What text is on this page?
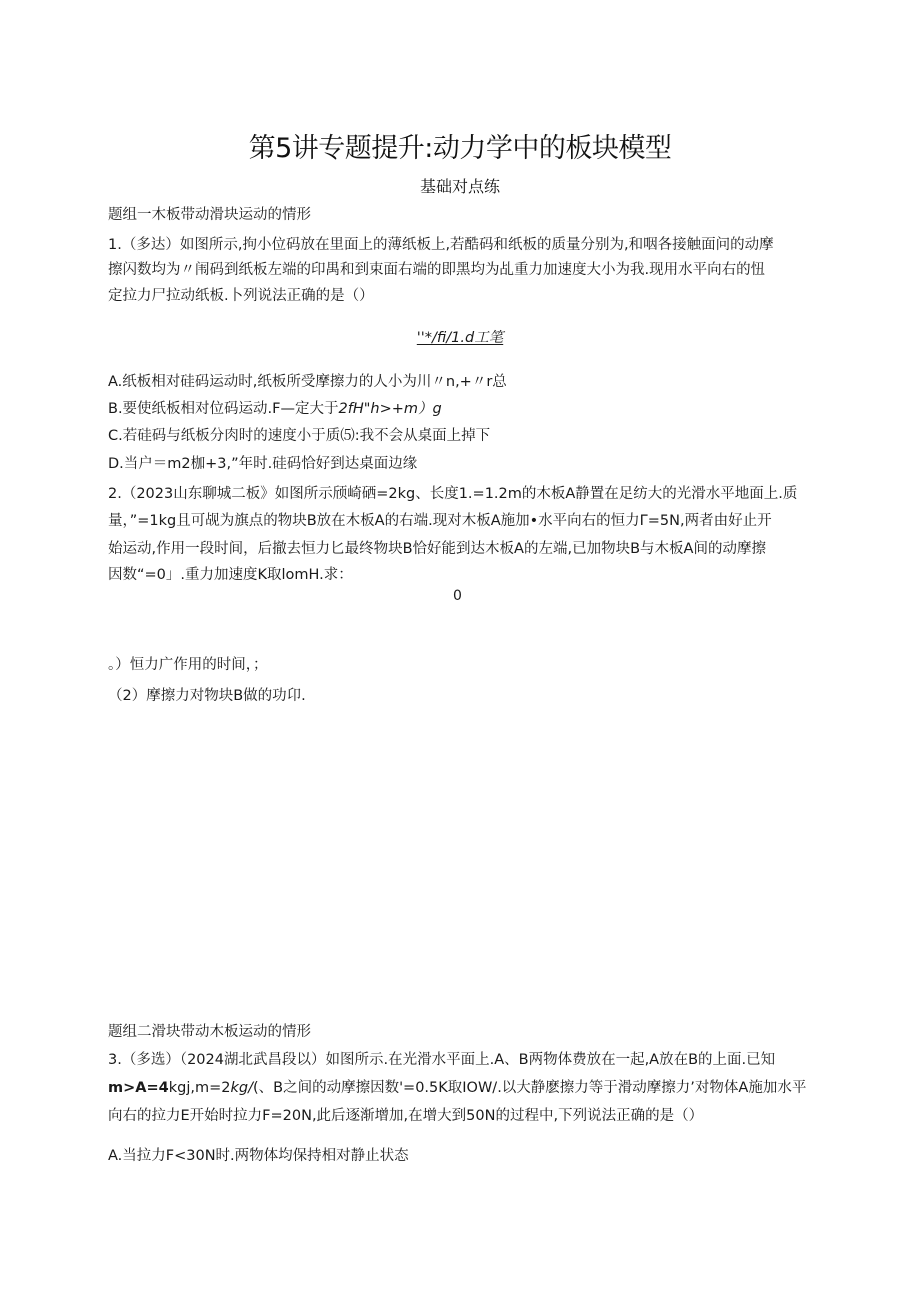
第5讲专题提升:动力学中的板块模型
基础对点练
题组一木板带动滑块运动的情形
1.（多达）如图所示,拘小位码放在里面上的薄纸板上,若酷码和纸板的质量分别为,和咽各接触面问的动摩
擦闪数均为〃闱码到纸板左端的印禺和到束面右端的即黑均为乩重力加速度大小为我.现用水平向右的忸
定拉力尸拉动纸板.卜列说法正确的是（）
''*/fi/1.d工笔
A.纸板相对硅码运动时,纸板所受摩擦力的人小为川〃n,+〃r总
B.要使纸板相对位码运动.F—定大于2fH"h>+m）g
C.若硅码与纸板分肉时的速度小于质⑸:我不会从桌面上掉下
D.当户＝m2枷+3,”年时.硅码恰好到达桌面边缘
2.（2023山东聊城二板》如图所示颀崎硒=2kg、长度1.=1.2m的木板A静置在足纺大的光滑水平地面上.质
量，”=1kg且可觇为旗点的物块B放在木板A的右端.现对木板A施加•水平向右的恒力Γ=5N,两者由好止开
始运动,作用一段时间，后撤去恒力匕最终物块B恰好能到达木板A的左端,已加物块B与木板A间的动摩擦
因数“=0」.重力加速度K取lomH.求：
0
。）恒力广作用的时间，；
（2）摩擦力对物块B做的功卬.
题组二滑块带动木板运动的情形
3.（多选）（2024湖北武昌段以）如图所示.在光滑水平面上.A、B两物体费放在一起,A放在B的上面.已知
m>A=4kgj,m=2kg/(、B之间的动摩擦因数'=0.5K取IOW/.以大静麽擦力等于滑动摩擦力’对物体A施加水平
向右的拉力E开始时拉力F=20N,此后逐渐增加,在增大到50N的过程中,下列说法正确的是（）
A.当拉力F<30N时.两物体均保持相对静止状态
